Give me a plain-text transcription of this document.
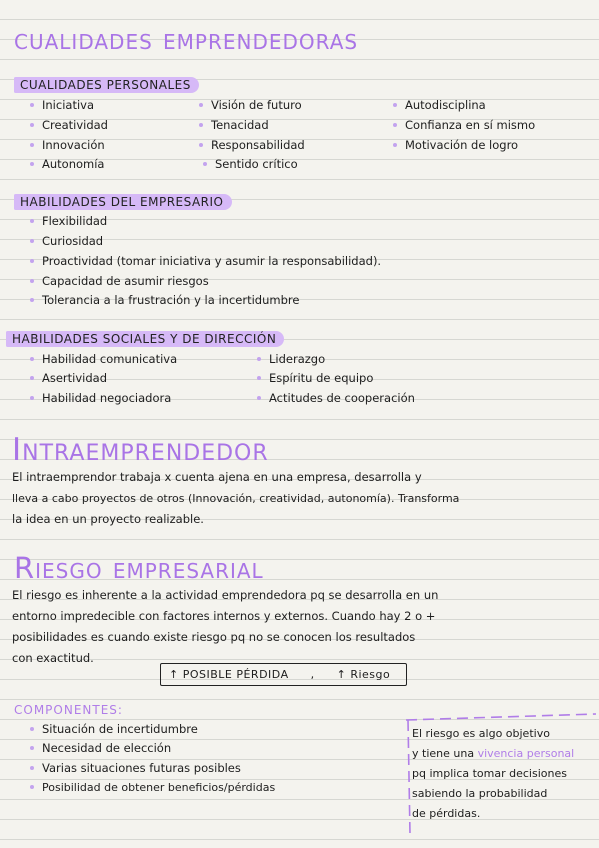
cualidades emprendedoras
CUALIDADES PERSONALES
Iniciativa
Creatividad
Innovación
Autonomía
Visión de futuro
Tenacidad
Responsabilidad
Sentido crítico
Autodisciplina
Confianza en sí mismo
Motivación de logro
HABILIDADES DEL EMPRESARIO
Flexibilidad
Curiosidad
Proactividad (tomar iniciativa y asumir la responsabilidad).
Capacidad de asumir riesgos
Tolerancia a la frustración y la incertidumbre
HABILIDADES SOCIALES Y DE DIRECCIÓN
Habilidad comunicativa
Asertividad
Habilidad negociadora
Liderazgo
Espíritu de equipo
Actitudes de cooperación
Intraemprendedor
El intraemprendor trabaja x cuenta ajena en una empresa, desarrolla y
lleva a cabo proyectos de otros (Innovación, creatividad, autonomía). Transforma
la idea en un proyecto realizable.
Riesgo empresarial
El riesgo es inherente a la actividad emprendedora pq se desarrolla en un
entorno impredecible con factores internos y externos. Cuando hay 2 o +
posibilidades es cuando existe riesgo pq no se conocen los resultados
con exactitud.
↑ POSIBLE PÉRDIDA , ↑ Riesgo
COMPONENTES:
Situación de incertidumbre
Necesidad de elección
Varias situaciones futuras posibles
Posibilidad de obtener beneficios/pérdidas
El riesgo es algo objetivo
y tiene una vivencia personal
pq implica tomar decisiones
sabiendo la probabilidad
de pérdidas.
